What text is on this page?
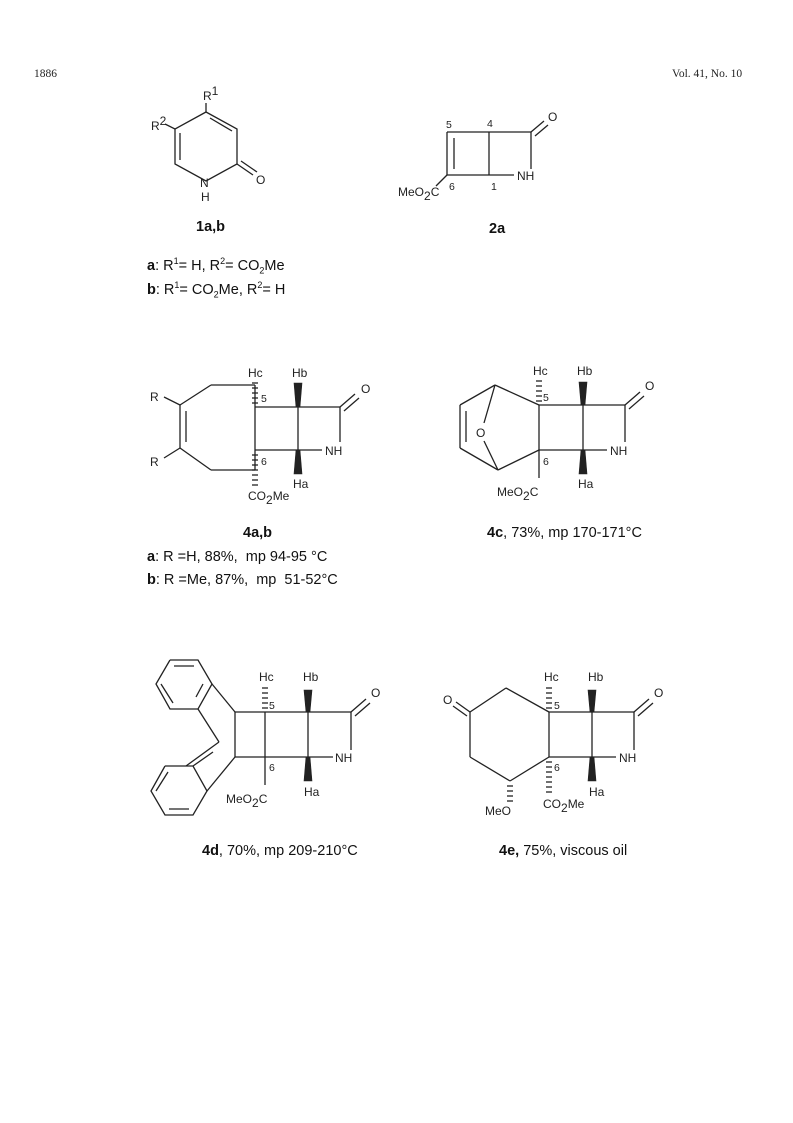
1886	Vol. 41, No. 10
R1
R2
N
H
O
5	4
6	1
O
NH
MeO2C
R
R
Hc Hb
Ha
5
6
O
NH
CO2Me
O
Hc Hb
Ha
5
6
O
NH
MeO2C
Hc Hb
Ha
5
6
O
NH
MeO2C
O
Hc Hb
Ha
5
6
O
NH
MeO	CO2Me
1a,b	2a
a: $R^1= H$, $R^2= CO_2Me$
b: $R^1= CO_2Me$, $R^2= H$
4a,b
a: R =H, 88%,  mp 94-95 °C
b: R =Me, 87%,  mp  51-52°C
4c, 73%, mp 170-171°C
4d, 70%, mp 209-210°C	4e, 75%, viscous oil
